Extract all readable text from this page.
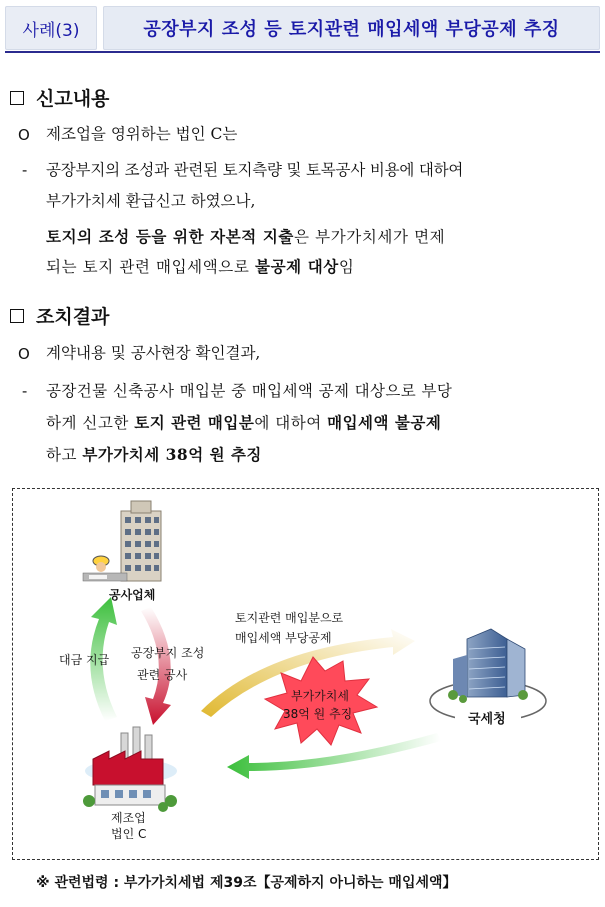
사례(3)	공장부지 조성 등 토지관련 매입세액 부당공제 추징
신고내용
O 제조업을 영위하는 법인 C는
- 공장부지의 조성과 관련된 토지측량 및 토목공사 비용에 대하여
부가가치세 환급신고 하였으나,
토지의 조성 등을 위한 자본적 지출은 부가가치세가 면제
되는 토지 관련 매입세액으로 불공제 대상임
조치결과
O 계약내용 및 공사현장 확인결과,
- 공장건물 신축공사 매입분 중 매입세액 공제 대상으로 부당
하게 신고한 토지 관련 매입분에 대하여 매입세액 불공제
하고 부가가치세 38억 원 추징
공사업체
대금 지급 공장부지 조성
관련 공사
토지관련 매입분으로
매입세액 부당공제
부가가치세
38억 원 추징	국세청
제조업
법인 C
※ 관련법령 : 부가가치세법 제39조【공제하지 아니하는 매입세액】
